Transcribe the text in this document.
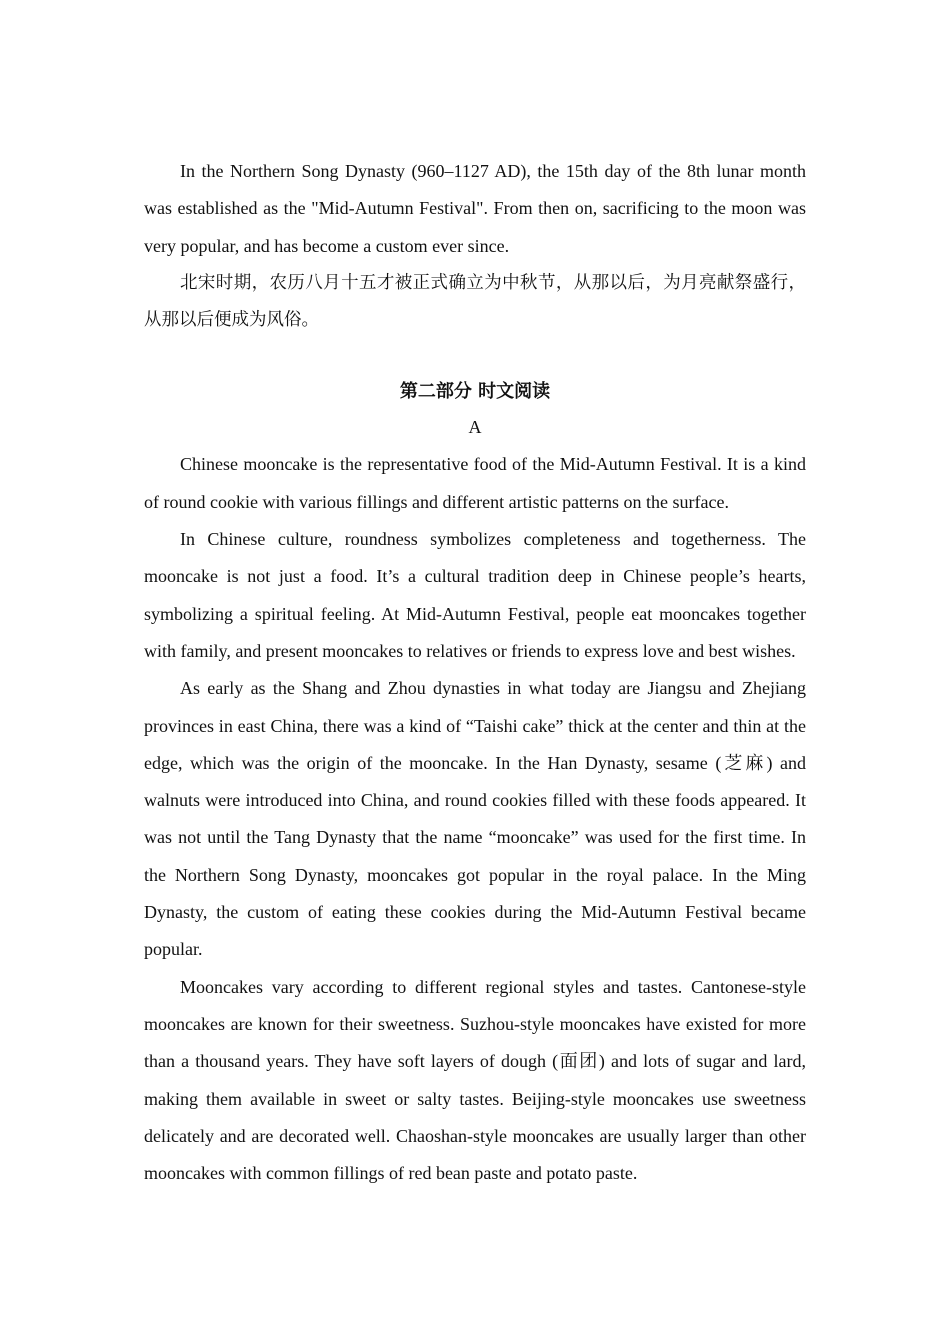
In the Northern Song Dynasty (960–1127 AD), the 15th day of the 8th lunar month was established as the "Mid-Autumn Festival". From then on, sacrificing to the moon was very popular, and has become a custom ever since.

北宋时期，农历八月十五才被正式确立为中秋节，从那以后，为月亮献祭盛行，从那以后便成为风俗。

第二部分 时文阅读

A

Chinese mooncake is the representative food of the Mid-Autumn Festival. It is a kind of round cookie with various fillings and different artistic patterns on the surface.

In Chinese culture, roundness symbolizes completeness and togetherness. The mooncake is not just a food. It’s a cultural tradition deep in Chinese people’s hearts, symbolizing a spiritual feeling. At Mid-Autumn Festival, people eat mooncakes together with family, and present mooncakes to relatives or friends to express love and best wishes.

As early as the Shang and Zhou dynasties in what today are Jiangsu and Zhejiang provinces in east China, there was a kind of “Taishi cake” thick at the center and thin at the edge, which was the origin of the mooncake. In the Han Dynasty, sesame (芝麻) and walnuts were introduced into China, and round cookies filled with these foods appeared. It was not until the Tang Dynasty that the name “mooncake” was used for the first time. In the Northern Song Dynasty, mooncakes got popular in the royal palace. In the Ming Dynasty, the custom of eating these cookies during the Mid-Autumn Festival became popular.

Mooncakes vary according to different regional styles and tastes. Cantonese-style mooncakes are known for their sweetness. Suzhou-style mooncakes have existed for more than a thousand years. They have soft layers of dough (面团) and lots of sugar and lard, making them available in sweet or salty tastes. Beijing-style mooncakes use sweetness delicately and are decorated well. Chaoshan-style mooncakes are usually larger than other mooncakes with common fillings of red bean paste and potato paste.
